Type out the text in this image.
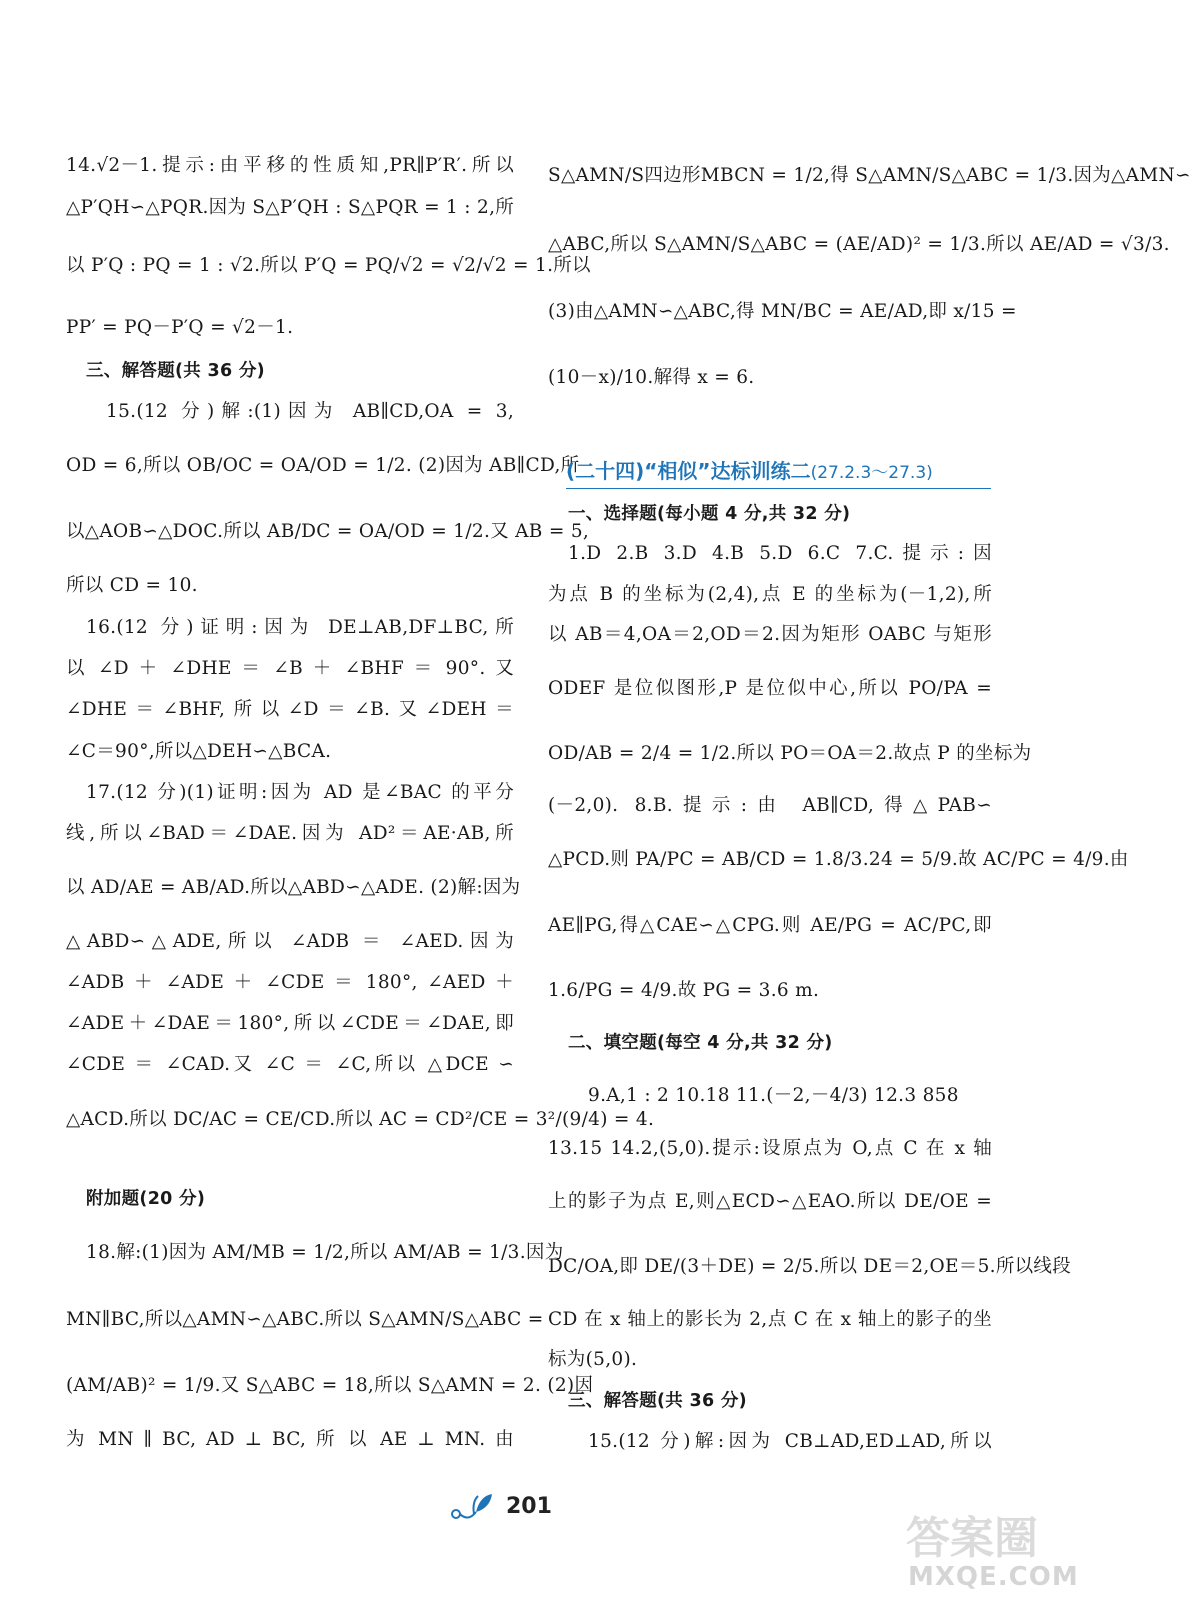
14.√2－1.提示:由平移的性质知,PR∥P′R′.所以
△P′QH∽△PQR.因为 S△P′QH : S△PQR = 1 : 2,所
以 P′Q : PQ = 1 : √2.所以 P′Q = PQ/√2 = √2/√2 = 1.所以
PP′ = PQ－P′Q = √2－1.
三、解答题(共 36 分)
15.(12 分)解:(1)因为 AB∥CD,OA = 3,
OD = 6,所以 OB/OC = OA/OD = 1/2. (2)因为 AB∥CD,所
以△AOB∽△DOC.所以 AB/DC = OA/OD = 1/2.又 AB = 5,
所以 CD = 10.
16.(12 分)证明:因为 DE⊥AB,DF⊥BC,所
以 ∠D ＋ ∠DHE ＝ ∠B ＋ ∠BHF ＝ 90°. 又
∠DHE＝∠BHF,所以∠D＝∠B.又∠DEH＝
∠C＝90°,所以△DEH∽△BCA.
17.(12 分)(1)证明:因为 AD 是∠BAC 的平分
线,所以∠BAD＝∠DAE.因为 AD²＝AE·AB,所
以 AD/AE = AB/AD.所以△ABD∽△ADE. (2)解:因为
△ABD∽△ADE,所以 ∠ADB ＝ ∠AED.因为
∠ADB ＋ ∠ADE ＋ ∠CDE ＝ 180°, ∠AED ＋
∠ADE＋∠DAE＝180°,所以∠CDE＝∠DAE,即
∠CDE ＝ ∠CAD.又 ∠C ＝ ∠C,所以 △DCE ∽
△ACD.所以 DC/AC = CE/CD.所以 AC = CD²/CE = 3²/(9/4) = 4.
附加题(20 分)
18.解:(1)因为 AM/MB = 1/2,所以 AM/AB = 1/3.因为
MN∥BC,所以△AMN∽△ABC.所以 S△AMN/S△ABC =
(AM/AB)² = 1/9.又 S△ABC = 18,所以 S△AMN = 2. (2)因
为 MN ∥ BC, AD ⊥ BC, 所 以 AE ⊥ MN. 由
S△AMN/S四边形MBCN = 1/2,得 S△AMN/S△ABC = 1/3.因为△AMN∽
△ABC,所以 S△AMN/S△ABC = (AE/AD)² = 1/3.所以 AE/AD = √3/3.
(3)由△AMN∽△ABC,得 MN/BC = AE/AD,即 x/15 =
(10－x)/10.解得 x = 6.
(二十四)“相似”达标训练二(27.2.3～27.3)
一、选择题(每小题 4 分,共 32 分)
1.D 2.B 3.D 4.B 5.D 6.C 7.C.提示:因
为点 B 的坐标为(2,4),点 E 的坐标为(－1,2),所
以 AB＝4,OA＝2,OD＝2.因为矩形 OABC 与矩形
ODEF 是位似图形,P 是位似中心,所以 PO/PA =
OD/AB = 2/4 = 1/2.所以 PO＝OA＝2.故点 P 的坐标为
(－2,0). 8.B.提示:由 AB∥CD,得△PAB∽
△PCD.则 PA/PC = AB/CD = 1.8/3.24 = 5/9.故 AC/PC = 4/9.由
AE∥PG,得△CAE∽△CPG.则 AE/PG = AC/PC,即
1.6/PG = 4/9.故 PG = 3.6 m.
二、填空题(每空 4 分,共 32 分)
9.A,1 : 2 10.18 11.(－2,－4/3) 12.3 858
13.15 14.2,(5,0).提示:设原点为 O,点 C 在 x 轴
上的影子为点 E,则△ECD∽△EAO.所以 DE/OE =
DC/OA,即 DE/(3＋DE) = 2/5.所以 DE＝2,OE＝5.所以线段
CD 在 x 轴上的影长为 2,点 C 在 x 轴上的影子的坐
标为(5,0).
三、解答题(共 36 分)
15.(12 分)解:因为 CB⊥AD,ED⊥AD,所以
201
答案圈
MXQE.COM
